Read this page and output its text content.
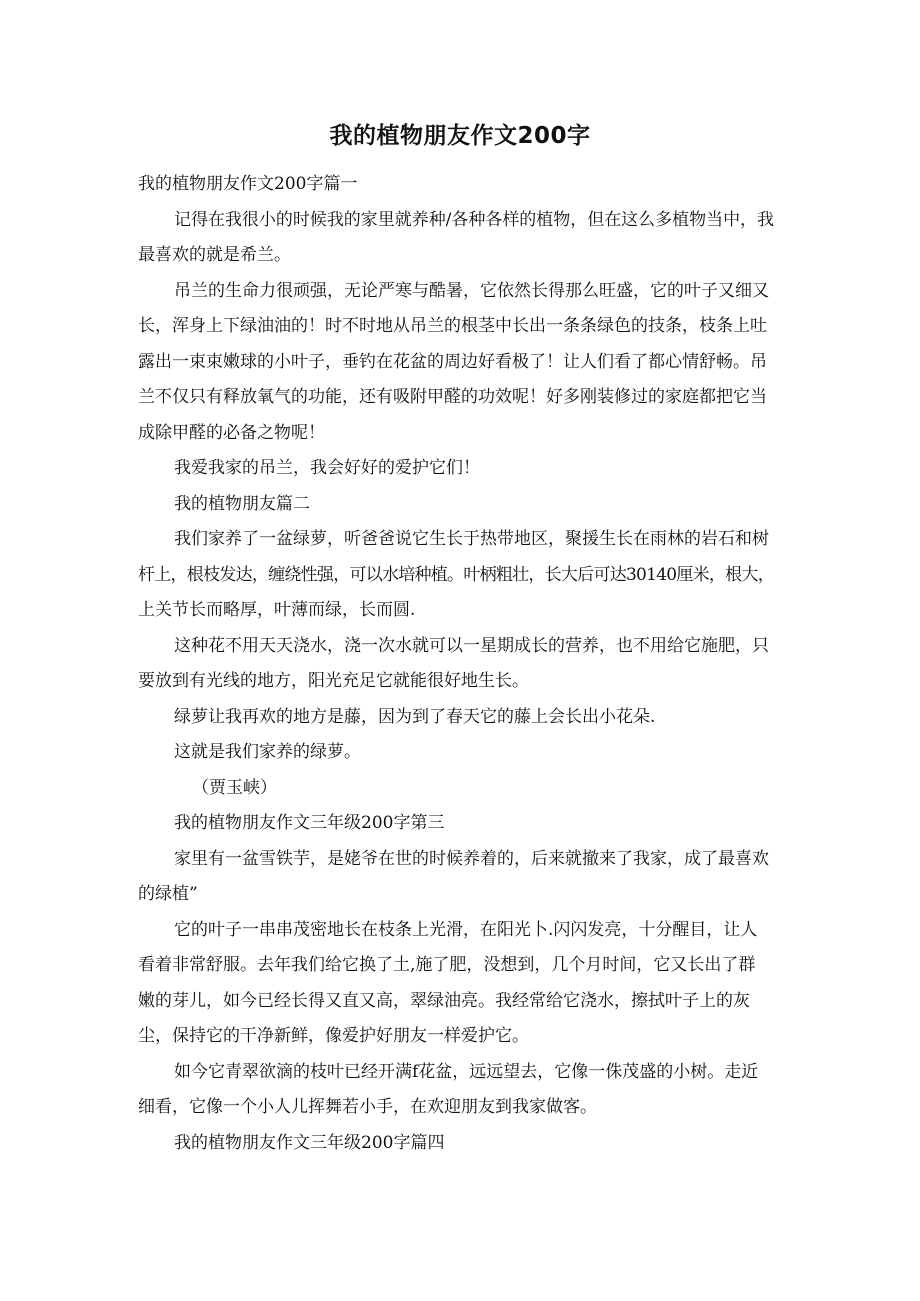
我的植物朋友作文200字
我的植物朋友作文200字篇一
记得在我很小的时候我的家里就养种/各种各样的植物，但在这么多植物当中，我
最喜欢的就是希兰。
吊兰的生命力很顽强，无论严寒与酷暑，它依然长得那么旺盛，它的叶子又细又
长，浑身上下绿油油的！时不时地从吊兰的根茎中长出一条条绿色的技条，枝条上吐
露出一束束嫩球的小叶子，垂钓在花盆的周边好看极了！让人们看了都心情舒畅。吊
兰不仅只有释放氧气的功能，还有吸附甲醛的功效呢！好多刚装修过的家庭都把它当
成除甲醛的必备之物呢！
我爱我家的吊兰，我会好好的爱护它们！
我的植物朋友篇二
我们家养了一盆绿萝，听爸爸说它生长于热带地区，聚援生长在雨林的岩石和树
杆上，根枝发达，缠绕性强，可以水培种植。叶柄粗壮，长大后可达30140厘米，根大，
上关节长而略厚，叶薄而绿，长而圆.
这种花不用天天浇水，浇一次水就可以一星期成长的营养，也不用给它施肥，只
要放到有光线的地方，阳光充足它就能很好地生长。
绿萝让我再欢的地方是藤，因为到了春天它的藤上会长出小花朵.
这就是我们家养的绿萝。
（贾玉峡）
我的植物朋友作文三年级200字第三
家里有一盆雪铁芋，是姥爷在世的时候养着的，后来就撤来了我家，成了最喜欢
的绿植”
它的叶子一串串茂密地长在枝条上光滑，在阳光卜.闪闪发亮，十分醒目，让人
看着非常舒服。去年我们给它换了土,施了肥，没想到，几个月时间，它又长出了群
嫩的芽儿，如今已经长得又直又高，翠绿油亮。我经常给它浇水，擦拭叶子上的灰
尘，保持它的干净新鲜，像爱护好朋友一样爱护它。
如今它青翠欲滴的枝叶已经开满f花盆，远远望去，它像一侏茂盛的小树。走近
细看，它像一个小人儿挥舞若小手，在欢迎朋友到我家做客。
我的植物朋友作文三年级200字篇四
